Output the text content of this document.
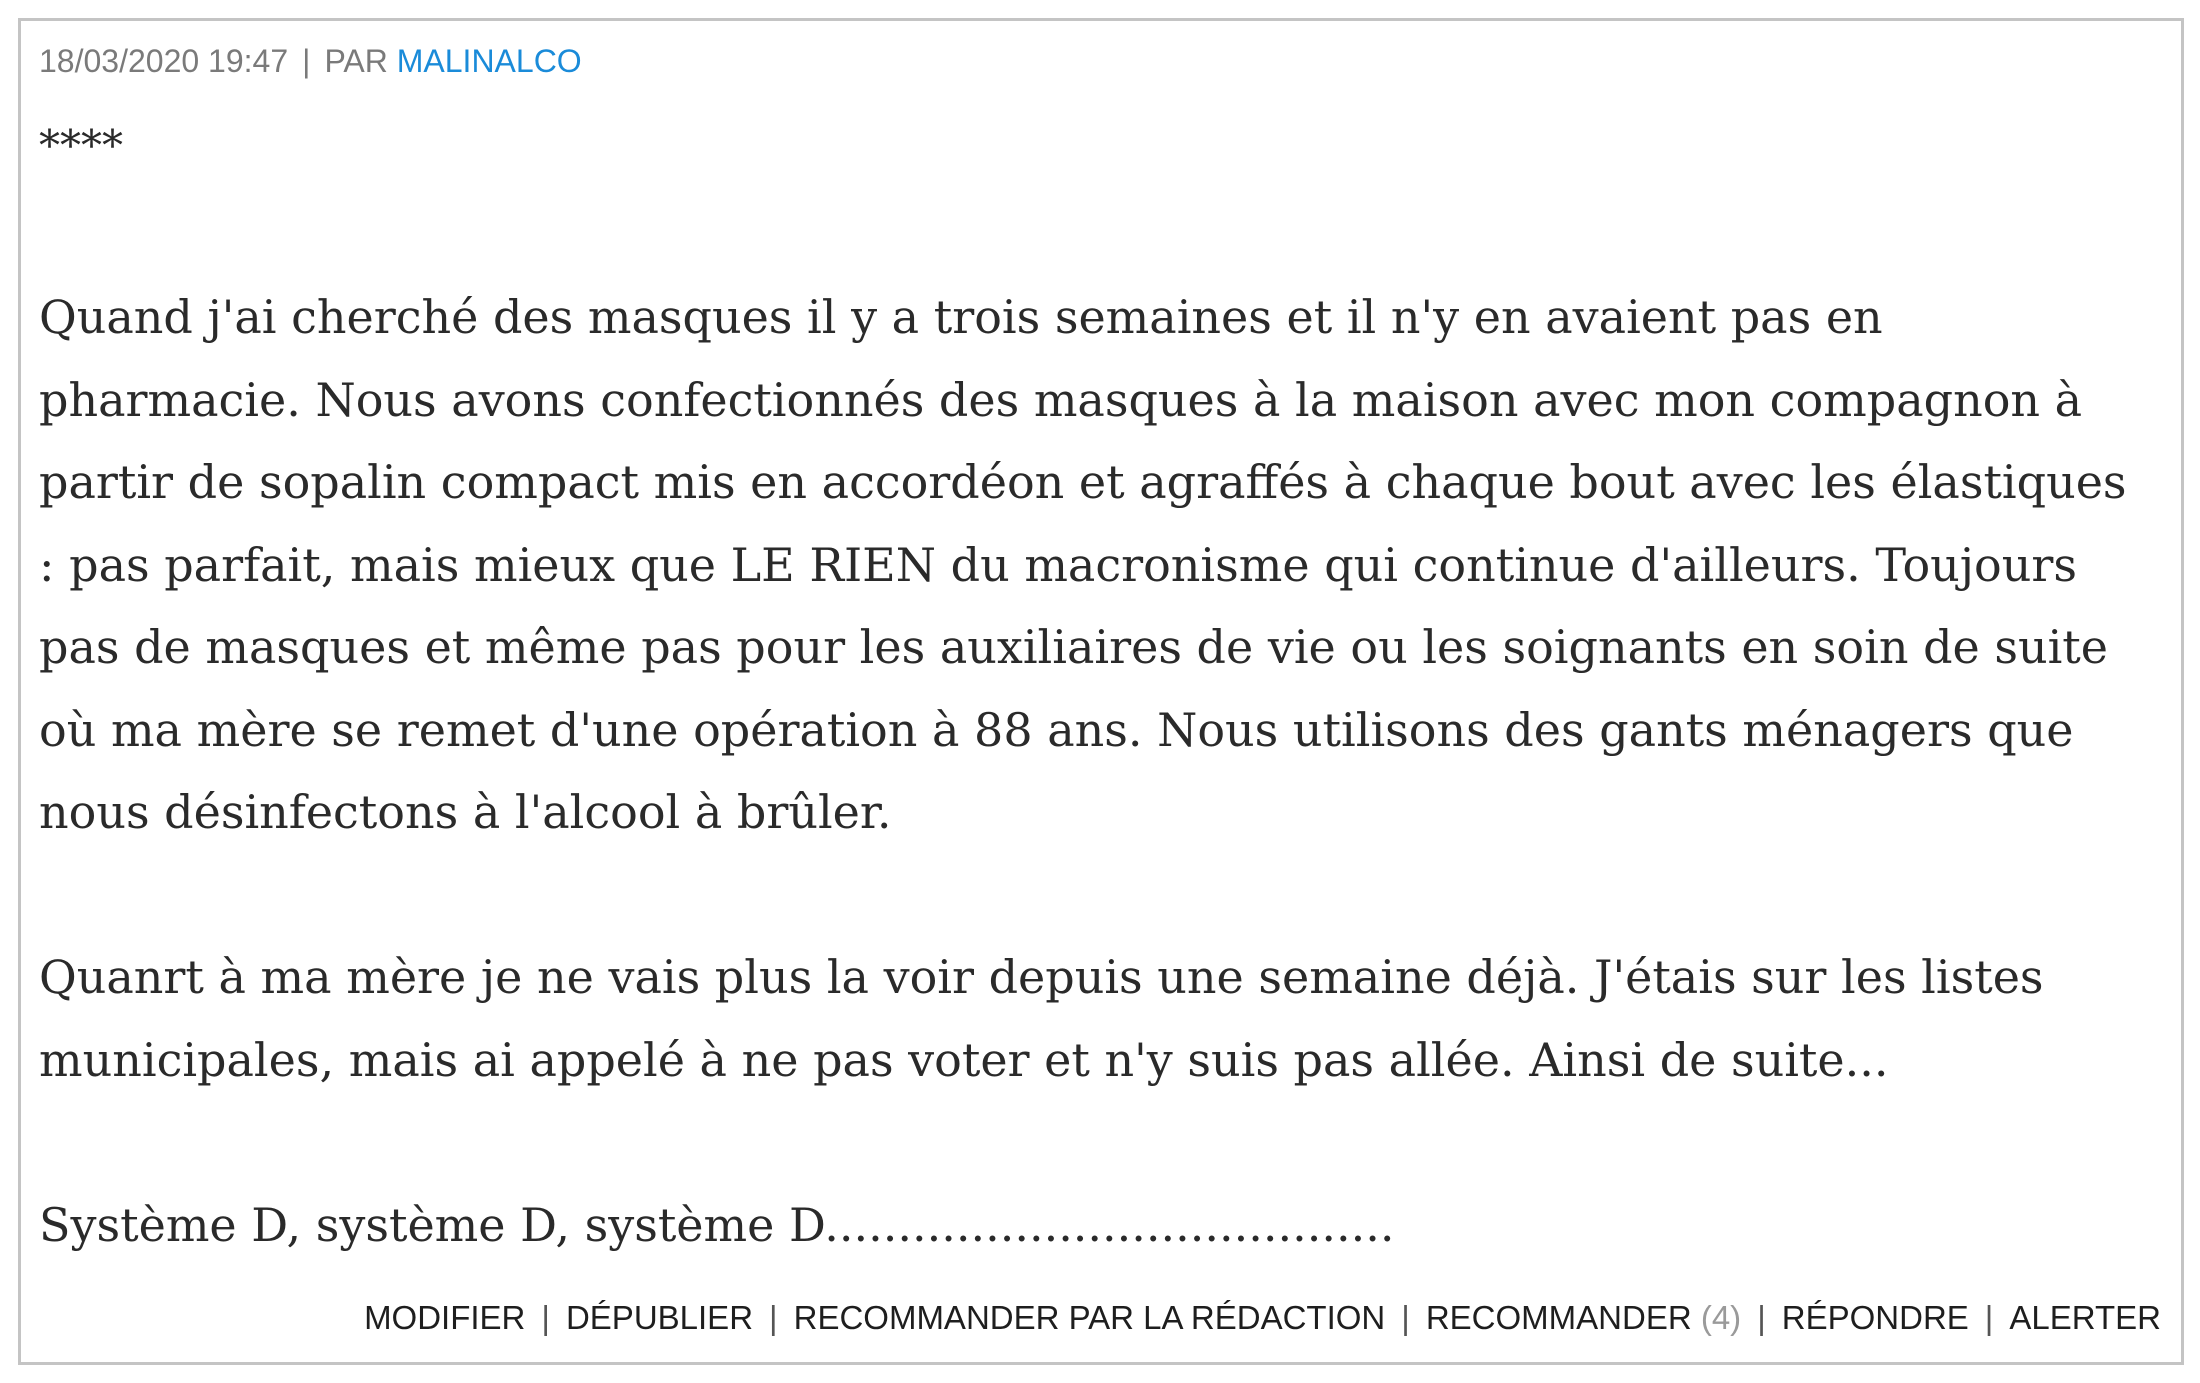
18/03/2020 19:47 | PAR MALINALCO

****

Quand j'ai cherché des masques il y a trois semaines et il n'y en avaient pas en pharmacie. Nous avons confectionnés des masques à la maison avec mon compagnon à partir de sopalin compact mis en accordéon et agraffés à chaque bout avec les élastiques : pas parfait, mais mieux que LE RIEN du macronisme qui continue d'ailleurs. Toujours pas de masques et même pas pour les auxiliaires de vie ou les soignants en soin de suite où ma mère se remet d'une opération à 88 ans. Nous utilisons des gants ménagers que nous désinfectons à l'alcool à brûler.

Quanrt à ma mère je ne vais plus la voir depuis une semaine déjà. J'étais sur les listes municipales, mais ai appelé à ne pas voter et n'y suis pas allée. Ainsi de suite...

Système D, système D, système D.......................................

MODIFIER | DÉPUBLIER | RECOMMANDER PAR LA RÉDACTION | RECOMMANDER (4) | RÉPONDRE | ALERTER
